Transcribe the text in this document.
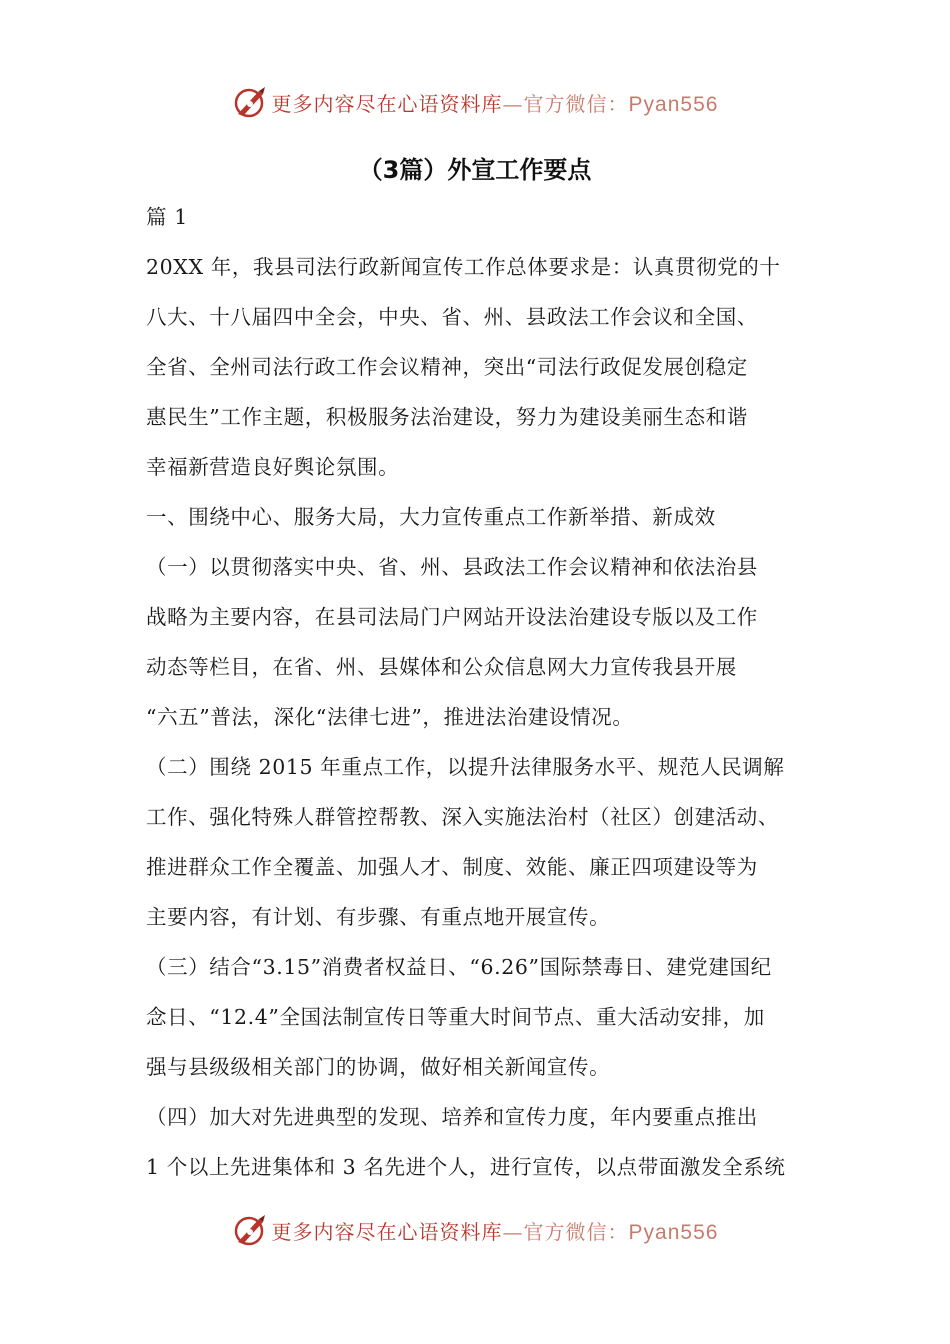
更多内容尽在心语资料库—官方微信：Pyan556
（3篇）外宣工作要点
篇 1
20XX 年，我县司法行政新闻宣传工作总体要求是：认真贯彻党的十
八大、十八届四中全会，中央、省、州、县政法工作会议和全国、
全省、全州司法行政工作会议精神，突出“司法行政促发展创稳定
惠民生”工作主题，积极服务法治建设，努力为建设美丽生态和谐
幸福新营造良好舆论氛围。
一、围绕中心、服务大局，大力宣传重点工作新举措、新成效
（一）以贯彻落实中央、省、州、县政法工作会议精神和依法治县
战略为主要内容，在县司法局门户网站开设法治建设专版以及工作
动态等栏目，在省、州、县媒体和公众信息网大力宣传我县开展
“六五”普法，深化“法律七进”，推进法治建设情况。
（二）围绕 2015 年重点工作，以提升法律服务水平、规范人民调解
工作、强化特殊人群管控帮教、深入实施法治村（社区）创建活动、
推进群众工作全覆盖、加强人才、制度、效能、廉正四项建设等为
主要内容，有计划、有步骤、有重点地开展宣传。
（三）结合“3.15”消费者权益日、“6.26”国际禁毒日、建党建国纪
念日、“12.4”全国法制宣传日等重大时间节点、重大活动安排，加
强与县级级相关部门的协调，做好相关新闻宣传。
（四）加大对先进典型的发现、培养和宣传力度，年内要重点推出
1 个以上先进集体和 3 名先进个人，进行宣传，以点带面激发全系统
更多内容尽在心语资料库—官方微信：Pyan556
